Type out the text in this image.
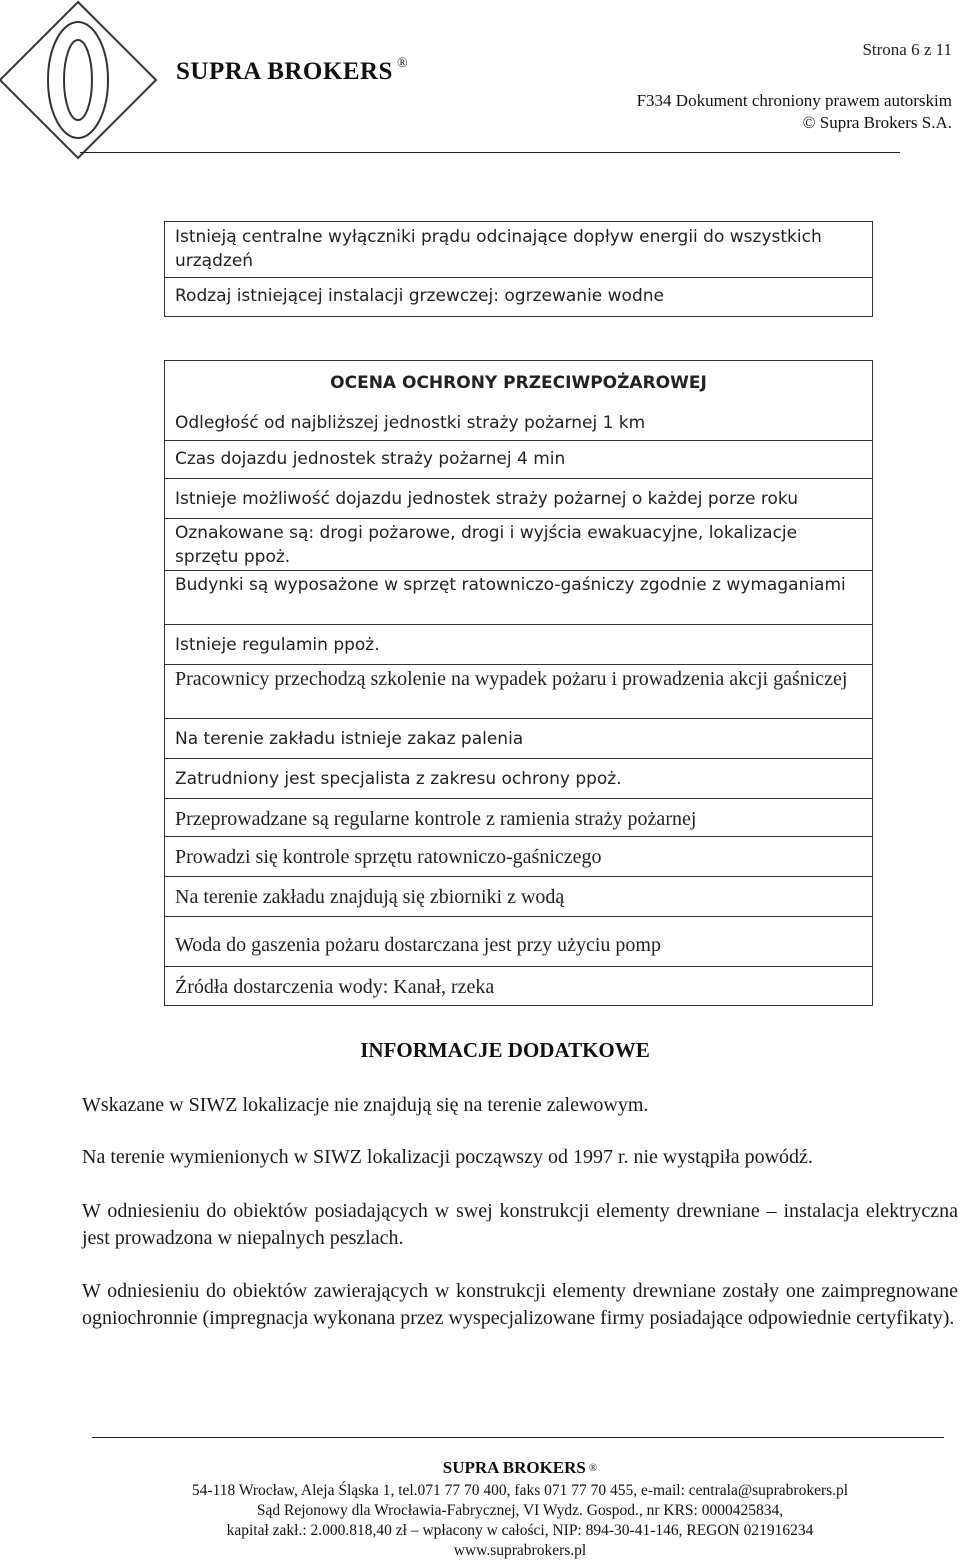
SUPRA BROKERS ®
Strona 6 z 11
F334 Dokument chroniony prawem autorskim
© Supra Brokers S.A.
Istnieją centralne wyłączniki prądu odcinające dopływ energii do wszystkich urządzeń
Rodzaj istniejącej instalacji grzewczej: ogrzewanie wodne
OCENA OCHRONY PRZECIWPOŻAROWEJ
Odległość od najbliższej jednostki straży pożarnej 1 km
Czas dojazdu jednostek straży pożarnej 4 min
Istnieje możliwość dojazdu jednostek straży pożarnej o każdej porze roku
Oznakowane są: drogi pożarowe, drogi i wyjścia ewakuacyjne, lokalizacje sprzętu ppoż.
Budynki są wyposażone w sprzęt ratowniczo-gaśniczy zgodnie z wymaganiami
Istnieje regulamin ppoż.
Pracownicy przechodzą szkolenie na wypadek pożaru i prowadzenia akcji gaśniczej
Na terenie zakładu istnieje zakaz palenia
Zatrudniony jest specjalista z zakresu ochrony ppoż.
Przeprowadzane są regularne kontrole z ramienia straży pożarnej
Prowadzi się kontrole sprzętu ratowniczo-gaśniczego
Na terenie zakładu znajdują się zbiorniki z wodą
Woda do gaszenia pożaru dostarczana jest przy użyciu pomp
Źródła dostarczenia wody: Kanał, rzeka
INFORMACJE DODATKOWE
Wskazane w SIWZ lokalizacje nie znajdują się na terenie zalewowym.
Na terenie wymienionych w SIWZ lokalizacji począwszy od 1997 r. nie wystąpiła powódź.
W odniesieniu do obiektów posiadających w swej konstrukcji elementy drewniane – instalacja elektryczna jest prowadzona w niepalnych peszlach.
W odniesieniu do obiektów zawierających w konstrukcji elementy drewniane zostały one zaimpregnowane ogniochronnie (impregnacja wykonana przez wyspecjalizowane firmy posiadające odpowiednie certyfikaty).
SUPRA BROKERS ®
54-118 Wrocław, Aleja Śląska 1, tel.071 77 70 400, faks 071 77 70 455, e-mail: centrala@suprabrokers.pl
Sąd Rejonowy dla Wrocławia-Fabrycznej, VI Wydz. Gospod., nr KRS: 0000425834,
kapitał zakł.: 2.000.818,40 zł – wpłacony w całości, NIP: 894-30-41-146, REGON 021916234
www.suprabrokers.pl
